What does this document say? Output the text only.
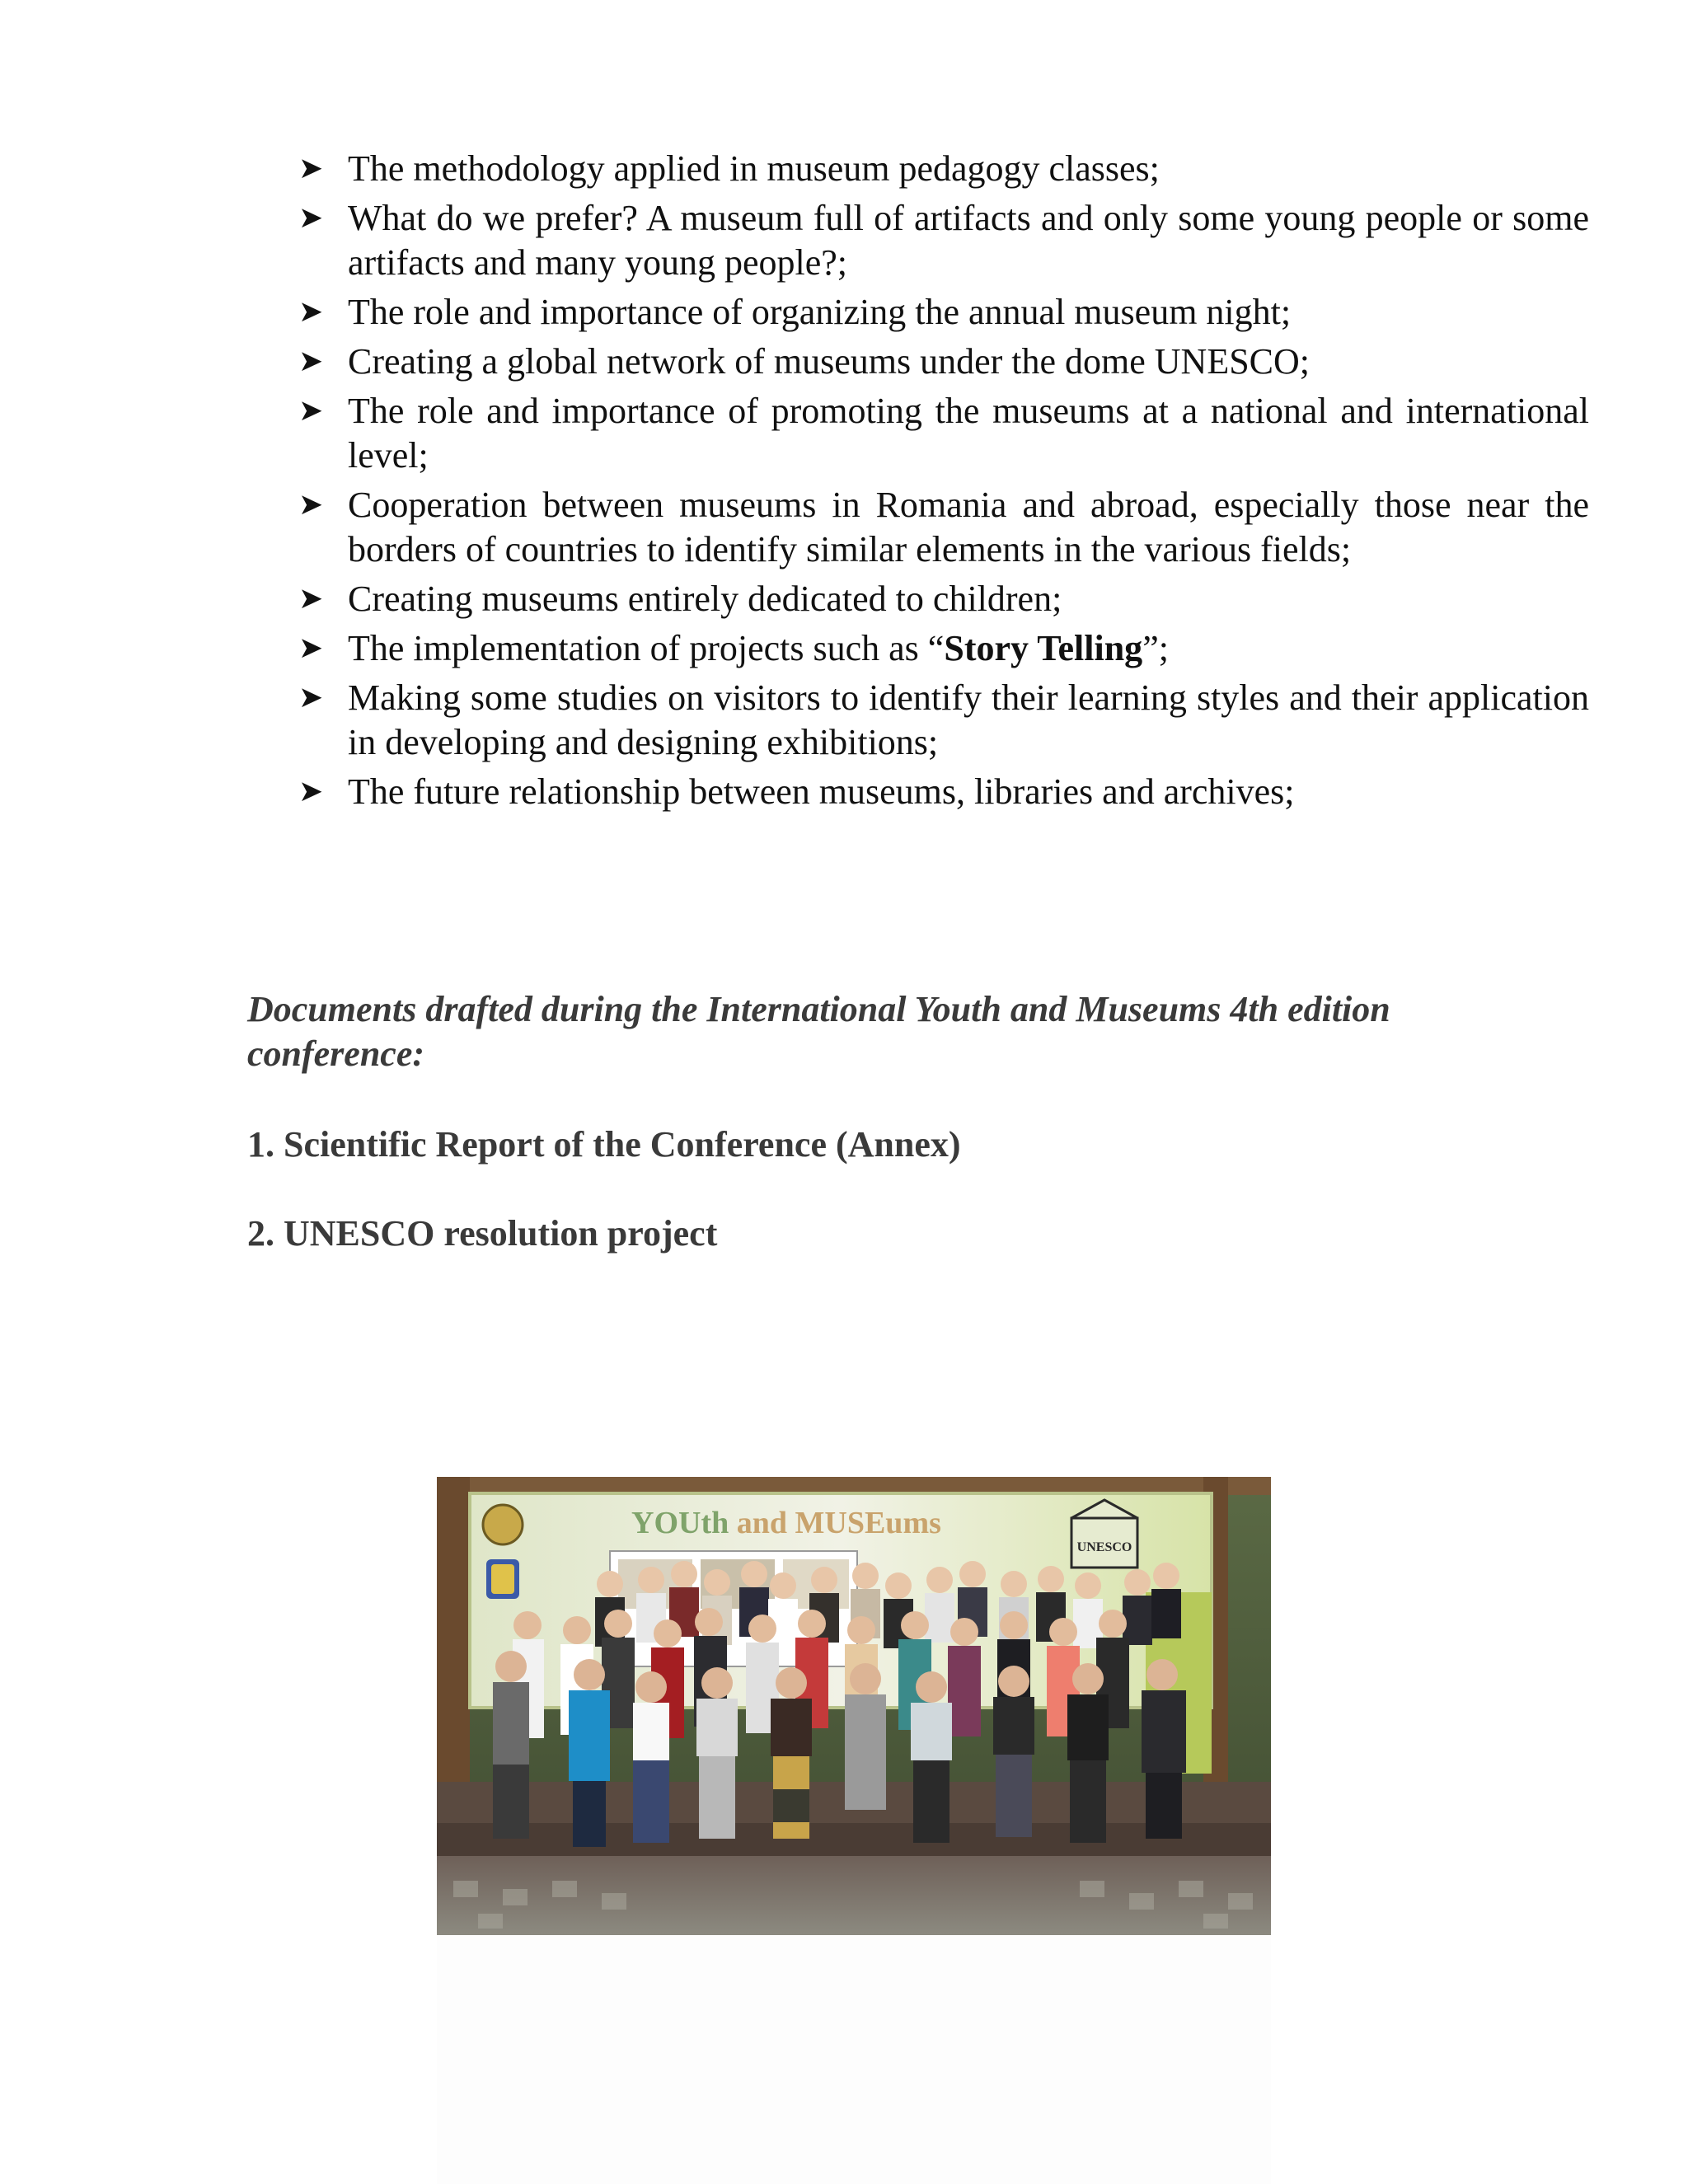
➤ The methodology applied in museum pedagogy classes;
➤ What do we prefer? A museum full of artifacts and only some young people or some artifacts and many young people?;
➤ The role and importance of organizing the annual museum night;
➤ Creating a global network of museums under the dome UNESCO;
➤ The role and importance of promoting the museums at a national and international level;
➤ Cooperation between museums in Romania and abroad, especially those near the borders of countries to identify similar elements in the various fields;
➤ Creating museums entirely dedicated to children;
➤ The implementation of projects such as “Story Telling”;
➤ Making some studies on visitors to identify their learning styles and their application in developing and designing exhibitions;
➤ The future relationship between museums, libraries and archives;

Documents drafted during the International Youth and Museums 4th edition conference:

1. Scientific Report of the Conference (Annex)

2. UNESCO resolution project

YOUth and MUSEums
UNESCO
